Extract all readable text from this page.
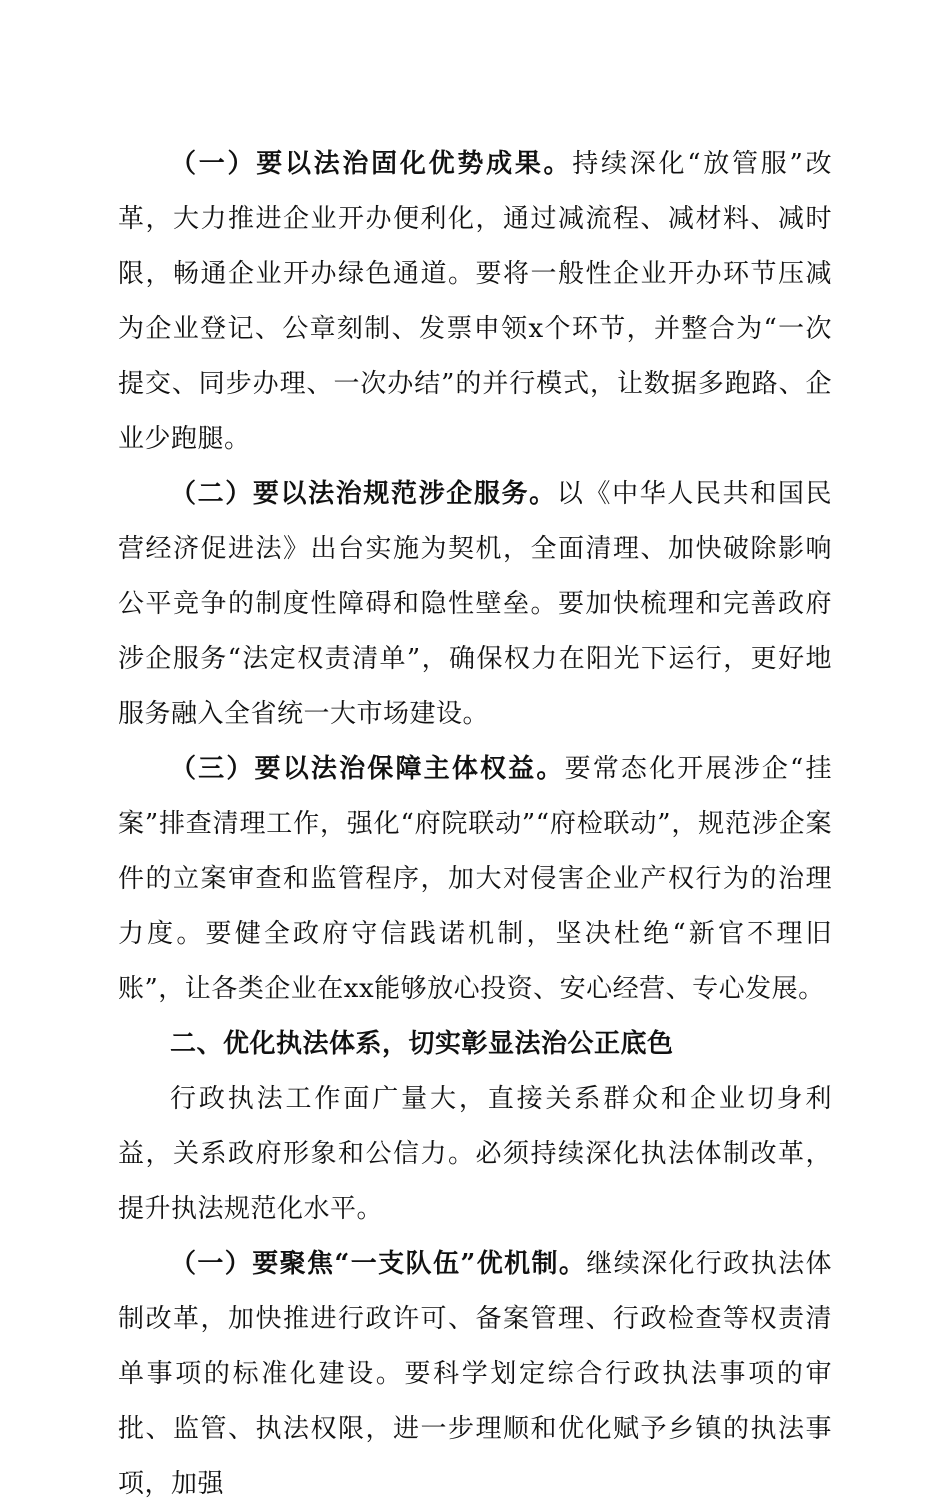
（一）要以法治固化优势成果。持续深化“放管服”改革，大力推进企业开办便利化，通过减流程、减材料、减时限，畅通企业开办绿色通道。要将一般性企业开办环节压减为企业登记、公章刻制、发票申领x个环节，并整合为“一次提交、同步办理、一次办结”的并行模式，让数据多跑路、企业少跑腿。

（二）要以法治规范涉企服务。以《中华人民共和国民营经济促进法》出台实施为契机，全面清理、加快破除影响公平竞争的制度性障碍和隐性壁垒。要加快梳理和完善政府涉企服务“法定权责清单”，确保权力在阳光下运行，更好地服务融入全省统一大市场建设。

（三）要以法治保障主体权益。要常态化开展涉企“挂案”排查清理工作，强化“府院联动”“府检联动”，规范涉企案件的立案审查和监管程序，加大对侵害企业产权行为的治理力度。要健全政府守信践诺机制，坚决杜绝“新官不理旧账”，让各类企业在xx能够放心投资、安心经营、专心发展。

二、优化执法体系，切实彰显法治公正底色

行政执法工作面广量大，直接关系群众和企业切身利益，关系政府形象和公信力。必须持续深化执法体制改革，提升执法规范化水平。

（一）要聚焦“一支队伍”优机制。继续深化行政执法体制改革，加快推进行政许可、备案管理、行政检查等权责清单事项的标准化建设。要科学划定综合行政执法事项的审批、监管、执法权限，进一步理顺和优化赋予乡镇的执法事项，加强
